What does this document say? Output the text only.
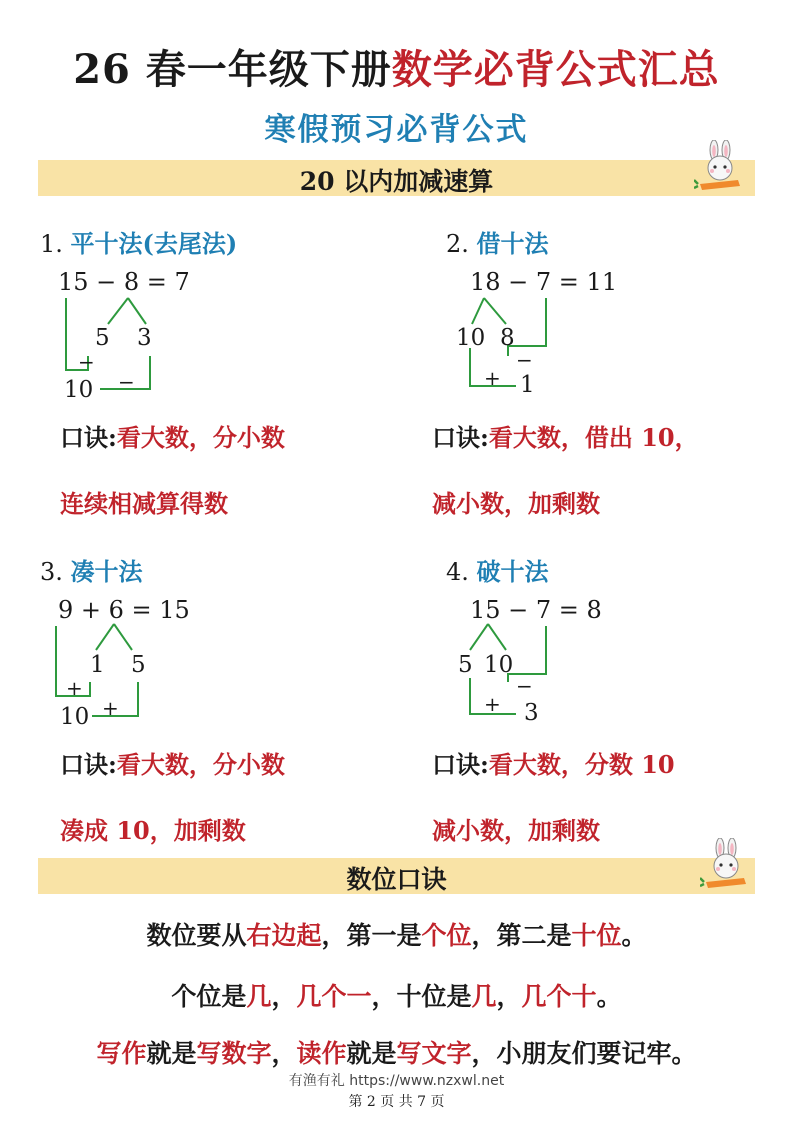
26 春一年级下册数学必背公式汇总
寒假预习必背公式
20 以内加减速算
1. 平十法(去尾法)
15 − 8 = 7
5 3
−
−
10
口诀:看大数，分小数
连续相减算得数
2. 借十法
18 − 7 = 11
10 8
−
+ 1
口诀:看大数，借出 10，
减小数，加剩数
3. 凑十法
9 + 6 = 15
1 5
+
+
10
口诀:看大数，分小数
凑成 10，加剩数
4. 破十法
15 − 7 = 8
5 10
−
+ 3
口诀:看大数，分数 10
减小数，加剩数
数位口诀
数位要从右边起，第一是个位，第二是十位。
个位是几，几个一，十位是几，几个十。
写作就是写数字，读作就是写文字，小朋友们要记牢。
有渔有礼 https://www.nzxwl.net
第 2 页 共 7 页
